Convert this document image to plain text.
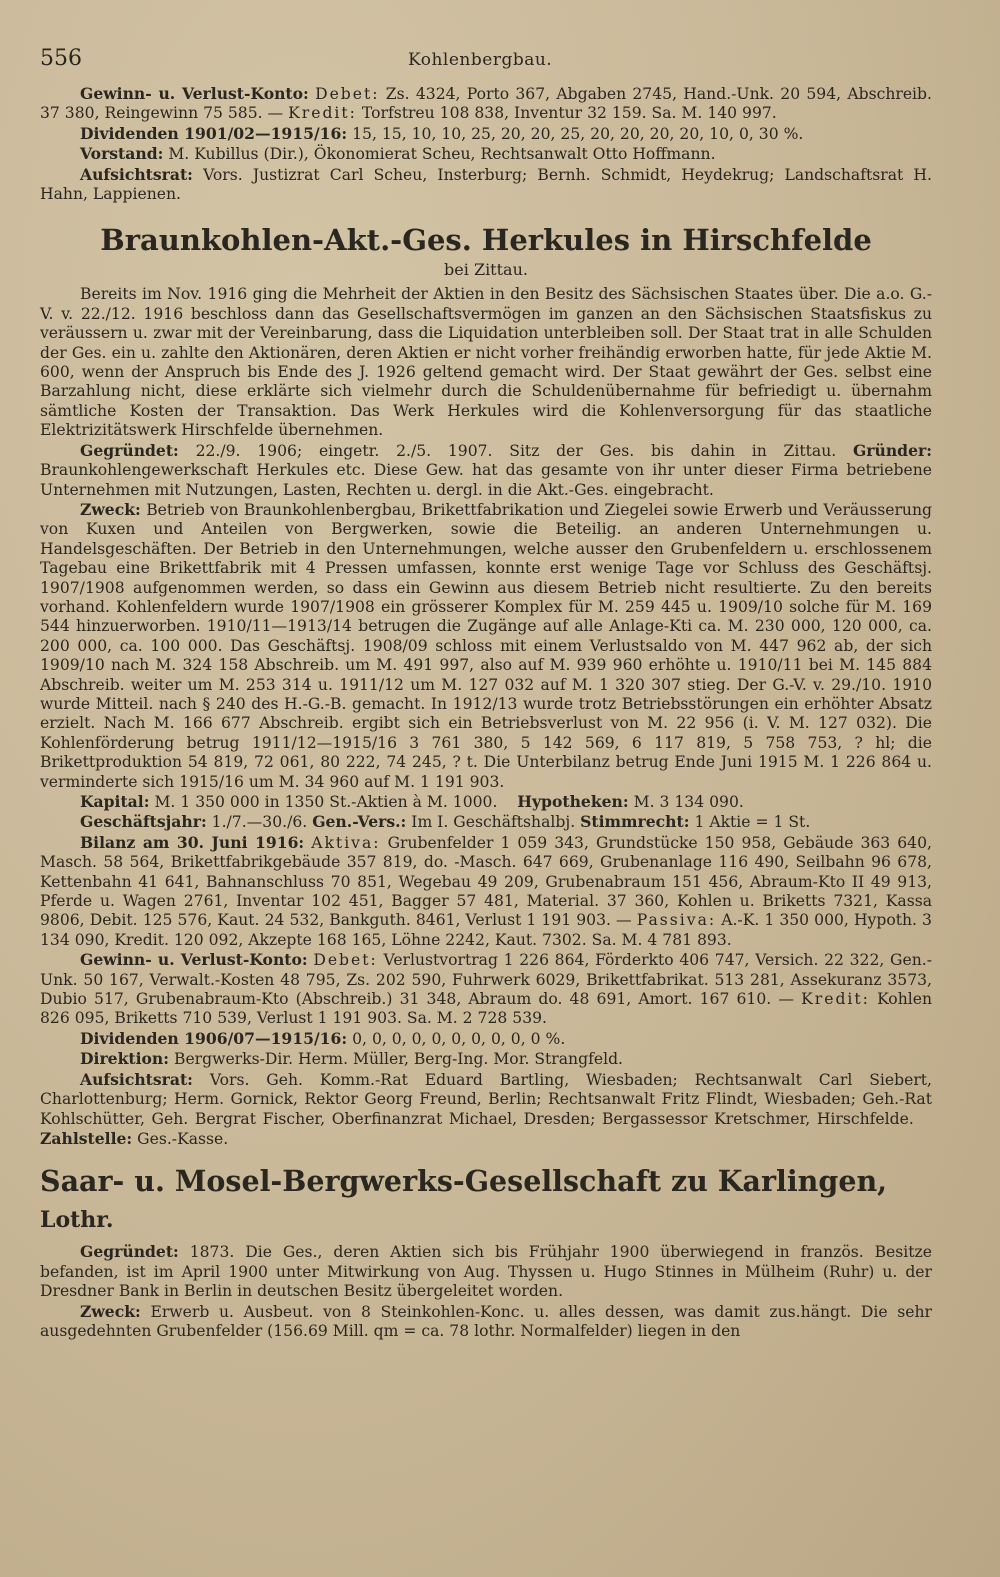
556	Kohlenbergbau.

Gewinn- u. Verlust-Konto: Debet: Zs. 4324, Porto 367, Abgaben 2745, Hand.-Unk. 20 594, Abschreib. 37 380, Reingewinn 75 585. — Kredit: Torfstreu 108 838, Inventur 32 159. Sa. M. 140 997.

Dividenden 1901/02—1915/16: 15, 15, 10, 10, 25, 20, 20, 25, 20, 20, 20, 20, 10, 0, 30 %.

Vorstand: M. Kubillus (Dir.), Ökonomierat Scheu, Rechtsanwalt Otto Hoffmann.

Aufsichtsrat: Vors. Justizrat Carl Scheu, Insterburg; Bernh. Schmidt, Heydekrug; Landschaftsrat H. Hahn, Lappienen.

Braunkohlen-Akt.-Ges. Herkules in Hirschfelde
bei Zittau.

Bereits im Nov. 1916 ging die Mehrheit der Aktien in den Besitz des Sächsischen Staates über. Die a.o. G.-V. v. 22./12. 1916 beschloss dann das Gesellschaftsvermögen im ganzen an den Sächsischen Staatsfiskus zu veräussern u. zwar mit der Vereinbarung, dass die Liquidation unterbleiben soll. Der Staat trat in alle Schulden der Ges. ein u. zahlte den Aktionären, deren Aktien er nicht vorher freihändig erworben hatte, für jede Aktie M. 600, wenn der Anspruch bis Ende des J. 1926 geltend gemacht wird. Der Staat gewährt der Ges. selbst eine Barzahlung nicht, diese erklärte sich vielmehr durch die Schuldenübernahme für befriedigt u. übernahm sämtliche Kosten der Transaktion. Das Werk Herkules wird die Kohlenversorgung für das staatliche Elektrizitätswerk Hirschfelde übernehmen.

Gegründet: 22./9. 1906; eingetr. 2./5. 1907. Sitz der Ges. bis dahin in Zittau. Gründer: Braunkohlengewerkschaft Herkules etc. Diese Gew. hat das gesamte von ihr unter dieser Firma betriebene Unternehmen mit Nutzungen, Lasten, Rechten u. dergl. in die Akt.-Ges. eingebracht.

Zweck: Betrieb von Braunkohlenbergbau, Brikettfabrikation und Ziegelei sowie Erwerb und Veräusserung von Kuxen und Anteilen von Bergwerken, sowie die Beteilig. an anderen Unternehmungen u. Handelsgeschäften. Der Betrieb in den Unternehmungen, welche ausser den Grubenfeldern u. erschlossenem Tagebau eine Brikettfabrik mit 4 Pressen umfassen, konnte erst wenige Tage vor Schluss des Geschäftsj. 1907/1908 aufgenommen werden, so dass ein Gewinn aus diesem Betrieb nicht resultierte. Zu den bereits vorhand. Kohlenfeldern wurde 1907/1908 ein grösserer Komplex für M. 259 445 u. 1909/10 solche für M. 169 544 hinzuerworben. 1910/11—1913/14 betrugen die Zugänge auf alle Anlage-Kti ca. M. 230 000, 120 000, ca. 200 000, ca. 100 000. Das Geschäftsj. 1908/09 schloss mit einem Verlustsaldo von M. 447 962 ab, der sich 1909/10 nach M. 324 158 Abschreib. um M. 491 997, also auf M. 939 960 erhöhte u. 1910/11 bei M. 145 884 Abschreib. weiter um M. 253 314 u. 1911/12 um M. 127 032 auf M. 1 320 307 stieg. Der G.-V. v. 29./10. 1910 wurde Mitteil. nach § 240 des H.-G.-B. gemacht. In 1912/13 wurde trotz Betriebsstörungen ein erhöhter Absatz erzielt. Nach M. 166 677 Abschreib. ergibt sich ein Betriebsverlust von M. 22 956 (i. V. M. 127 032). Die Kohlenförderung betrug 1911/12—1915/16 3 761 380, 5 142 569, 6 117 819, 5 758 753, ? hl; die Brikettproduktion 54 819, 72 061, 80 222, 74 245, ? t. Die Unterbilanz betrug Ende Juni 1915 M. 1 226 864 u. verminderte sich 1915/16 um M. 34 960 auf M. 1 191 903.

Kapital: M. 1 350 000 in 1350 St.-Aktien à M. 1000. Hypotheken: M. 3 134 090.

Geschäftsjahr: 1./7.—30./6. Gen.-Vers.: Im I. Geschäftshalbj. Stimmrecht: 1 Aktie = 1 St.

Bilanz am 30. Juni 1916: Aktiva: Grubenfelder 1 059 343, Grundstücke 150 958, Gebäude 363 640, Masch. 58 564, Brikettfabrikgebäude 357 819, do. -Masch. 647 669, Grubenanlage 116 490, Seilbahn 96 678, Kettenbahn 41 641, Bahnanschluss 70 851, Wegebau 49 209, Grubenabraum 151 456, Abraum-Kto II 49 913, Pferde u. Wagen 2761, Inventar 102 451, Bagger 57 481, Material. 37 360, Kohlen u. Briketts 7321, Kassa 9806, Debit. 125 576, Kaut. 24 532, Bankguth. 8461, Verlust 1 191 903. — Passiva: A.-K. 1 350 000, Hypoth. 3 134 090, Kredit. 120 092, Akzepte 168 165, Löhne 2242, Kaut. 7302. Sa. M. 4 781 893.

Gewinn- u. Verlust-Konto: Debet: Verlustvortrag 1 226 864, Förderkto 406 747, Versich. 22 322, Gen.-Unk. 50 167, Verwalt.-Kosten 48 795, Zs. 202 590, Fuhrwerk 6029, Brikettfabrikat. 513 281, Assekuranz 3573, Dubio 517, Grubenabraum-Kto (Abschreib.) 31 348, Abraum do. 48 691, Amort. 167 610. — Kredit: Kohlen 826 095, Briketts 710 539, Verlust 1 191 903. Sa. M. 2 728 539.

Dividenden 1906/07—1915/16: 0, 0, 0, 0, 0, 0, 0, 0, 0, 0 %.

Direktion: Bergwerks-Dir. Herm. Müller, Berg-Ing. Mor. Strangfeld.

Aufsichtsrat: Vors. Geh. Komm.-Rat Eduard Bartling, Wiesbaden; Rechtsanwalt Carl Siebert, Charlottenburg; Herm. Gornick, Rektor Georg Freund, Berlin; Rechtsanwalt Fritz Flindt, Wiesbaden; Geh.-Rat Kohlschütter, Geh. Bergrat Fischer, Oberfinanzrat Michael, Dresden; Bergassessor Kretschmer, Hirschfelde.    Zahlstelle: Ges.-Kasse.

Saar- u. Mosel-Bergwerks-Gesellschaft zu Karlingen, Lothr.

Gegründet: 1873. Die Ges., deren Aktien sich bis Frühjahr 1900 überwiegend in französ. Besitze befanden, ist im April 1900 unter Mitwirkung von Aug. Thyssen u. Hugo Stinnes in Mülheim (Ruhr) u. der Dresdner Bank in Berlin in deutschen Besitz übergeleitet worden.

Zweck: Erwerb u. Ausbeut. von 8 Steinkohlen-Konc. u. alles dessen, was damit zus.hängt. Die sehr ausgedehnten Grubenfelder (156.69 Mill. qm = ca. 78 lothr. Normalfelder) liegen in den
